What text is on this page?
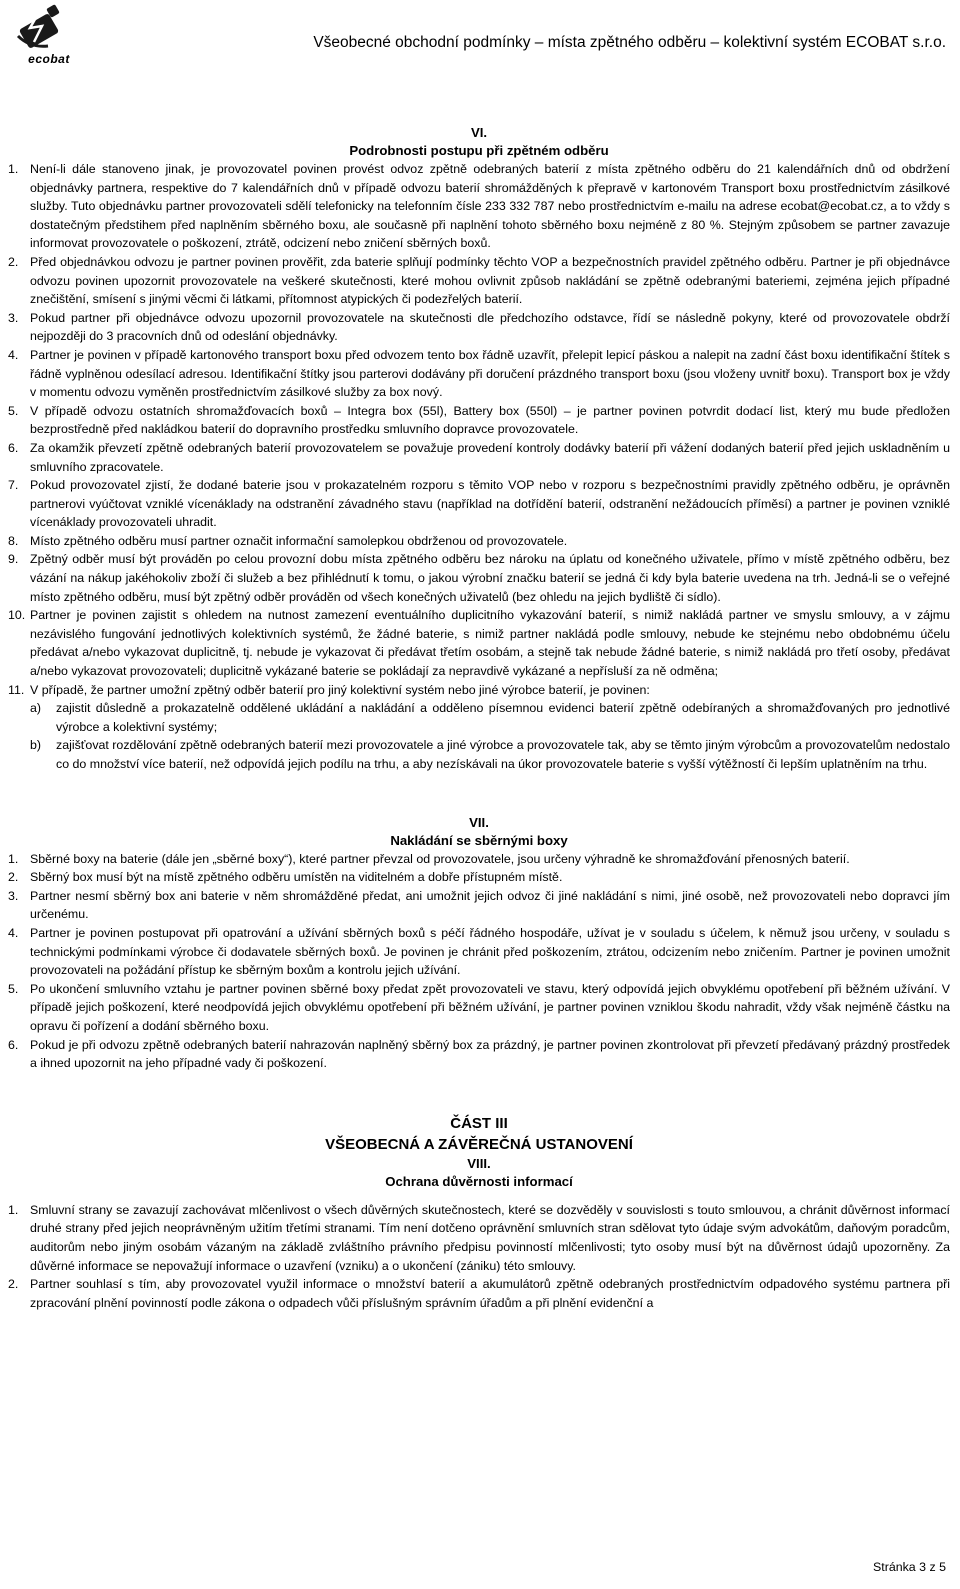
ecobat
Všeobecné obchodní podmínky – místa zpětného odběru – kolektivní systém ECOBAT s.r.o.
VI.
Podrobnosti postupu při zpětném odběru
1. Není-li dále stanoveno jinak, je provozovatel povinen provést odvoz zpětně odebraných baterií z místa zpětného odběru do 21 kalendářních dnů od obdržení objednávky partnera, respektive do 7 kalendářních dnů v případě odvozu baterií shromážděných k přepravě v kartonovém Transport boxu prostřednictvím zásilkové služby. Tuto objednávku partner provozovateli sdělí telefonicky na telefonním čísle 233 332 787 nebo prostřednictvím e-mailu na adrese ecobat@ecobat.cz, a to vždy s dostatečným předstihem před naplněním sběrného boxu, ale současně při naplnění tohoto sběrného boxu nejméně z 80 %. Stejným způsobem se partner zavazuje informovat provozovatele o poškození, ztrátě, odcizení nebo zničení sběrných boxů.
2. Před objednávkou odvozu je partner povinen prověřit, zda baterie splňují podmínky těchto VOP a bezpečnostních pravidel zpětného odběru. Partner je při objednávce odvozu povinen upozornit provozovatele na veškeré skutečnosti, které mohou ovlivnit způsob nakládání se zpětně odebranými bateriemi, zejména jejich případné znečištění, smísení s jinými věcmi či látkami, přítomnost atypických či podezřelých baterií.
3. Pokud partner při objednávce odvozu upozornil provozovatele na skutečnosti dle předchozího odstavce, řídí se následně pokyny, které od provozovatele obdrží nejpozději do 3 pracovních dnů od odeslání objednávky.
4. Partner je povinen v případě kartonového transport boxu před odvozem tento box řádně uzavřít, přelepit lepicí páskou a nalepit na zadní část boxu identifikační štítek s řádně vyplněnou odesílací adresou. Identifikační štítky jsou parterovi dodávány při doručení prázdného transport boxu (jsou vloženy uvnitř boxu). Transport box je vždy v momentu odvozu vyměněn prostřednictvím zásilkové služby za box nový.
5. V případě odvozu ostatních shromažďovacích boxů – Integra box (55l), Battery box (550l) – je partner povinen potvrdit dodací list, který mu bude předložen bezprostředně před nakládkou baterií do dopravního prostředku smluvního dopravce provozovatele.
6. Za okamžik převzetí zpětně odebraných baterií provozovatelem se považuje provedení kontroly dodávky baterií při vážení dodaných baterií před jejich uskladněním u smluvního zpracovatele.
7. Pokud provozovatel zjistí, že dodané baterie jsou v prokazatelném rozporu s těmito VOP nebo v rozporu s bezpečnostními pravidly zpětného odběru, je oprávněn partnerovi vyúčtovat vzniklé vícenáklady na odstranění závadného stavu (například na dotřídění baterií, odstranění nežádoucích příměsí) a partner je povinen vzniklé vícenáklady provozovateli uhradit.
8. Místo zpětného odběru musí partner označit informační samolepkou obdrženou od provozovatele.
9. Zpětný odběr musí být prováděn po celou provozní dobu místa zpětného odběru bez nároku na úplatu od konečného uživatele, přímo v místě zpětného odběru, bez vázání na nákup jakéhokoliv zboží či služeb a bez přihlédnutí k tomu, o jakou výrobní značku baterií se jedná či kdy byla baterie uvedena na trh. Jedná-li se o veřejné místo zpětného odběru, musí být zpětný odběr prováděn od všech konečných uživatelů (bez ohledu na jejich bydliště či sídlo).
10. Partner je povinen zajistit s ohledem na nutnost zamezení eventuálního duplicitního vykazování baterií, s nimiž nakládá partner ve smyslu smlouvy, a v zájmu nezávislého fungování jednotlivých kolektivních systémů, že žádné baterie, s nimiž partner nakládá podle smlouvy, nebude ke stejnému nebo obdobnému účelu předávat a/nebo vykazovat duplicitně, tj. nebude je vykazovat či předávat třetím osobám, a stejně tak nebude žádné baterie, s nimiž nakládá pro třetí osoby, předávat a/nebo vykazovat provozovateli; duplicitně vykázané baterie se pokládají za nepravdivě vykázané a nepřísluší za ně odměna;
11. V případě, že partner umožní zpětný odběr baterií pro jiný kolektivní systém nebo jiné výrobce baterií, je povinen:
a) zajistit důsledně a prokazatelně oddělené ukládání a nakládání a odděleno písemnou evidenci baterií zpětně odebíraných a shromažďovaných pro jednotlivé výrobce a kolektivní systémy;
b) zajišťovat rozdělování zpětně odebraných baterií mezi provozovatele a jiné výrobce a provozovatele tak, aby se těmto jiným výrobcům a provozovatelům nedostalo co do množství více baterií, než odpovídá jejich podílu na trhu, a aby nezískávali na úkor provozovatele baterie s vyšší výtěžností či lepším uplatněním na trhu.
VII.
Nakládání se sběrnými boxy
1. Sběrné boxy na baterie (dále jen „sběrné boxy“), které partner převzal od provozovatele, jsou určeny výhradně ke shromažďování přenosných baterií.
2. Sběrný box musí být na místě zpětného odběru umístěn na viditelném a dobře přístupném místě.
3. Partner nesmí sběrný box ani baterie v něm shromážděné předat, ani umožnit jejich odvoz či jiné nakládání s nimi, jiné osobě, než provozovateli nebo dopravci jím určenému.
4. Partner je povinen postupovat při opatrování a užívání sběrných boxů s péčí řádného hospodáře, užívat je v souladu s účelem, k němuž jsou určeny, v souladu s technickými podmínkami výrobce či dodavatele sběrných boxů. Je povinen je chránit před poškozením, ztrátou, odcizením nebo zničením. Partner je povinen umožnit provozovateli na požádání přístup ke sběrným boxům a kontrolu jejich užívání.
5. Po ukončení smluvního vztahu je partner povinen sběrné boxy předat zpět provozovateli ve stavu, který odpovídá jejich obvyklému opotřebení při běžném užívání. V případě jejich poškození, které neodpovídá jejich obvyklému opotřebení při běžném užívání, je partner povinen vzniklou škodu nahradit, vždy však nejméně částku na opravu či pořízení a dodání sběrného boxu.
6. Pokud je při odvozu zpětně odebraných baterií nahrazován naplněný sběrný box za prázdný, je partner povinen zkontrolovat při převzetí předávaný prázdný prostředek a ihned upozornit na jeho případné vady či poškození.
ČÁST III
VŠEOBECNÁ A ZÁVĚREČNÁ USTANOVENÍ
VIII.
Ochrana důvěrnosti informací
1. Smluvní strany se zavazují zachovávat mlčenlivost o všech důvěrných skutečnostech, které se dozvěděly v souvislosti s touto smlouvou, a chránit důvěrnost informací druhé strany před jejich neoprávněným užitím třetími stranami. Tím není dotčeno oprávnění smluvních stran sdělovat tyto údaje svým advokátům, daňovým poradcům, auditorům nebo jiným osobám vázaným na základě zvláštního právního předpisu povinností mlčenlivosti; tyto osoby musí být na důvěrnost údajů upozorněny. Za důvěrné informace se nepovažují informace o uzavření (vzniku) a o ukončení (zániku) této smlouvy.
2. Partner souhlasí s tím, aby provozovatel využil informace o množství baterií a akumulátorů zpětně odebraných prostřednictvím odpadového systému partnera při zpracování plnění povinností podle zákona o odpadech vůči příslušným správním úřadům a při plnění evidenční a
Stránka 3 z 5
